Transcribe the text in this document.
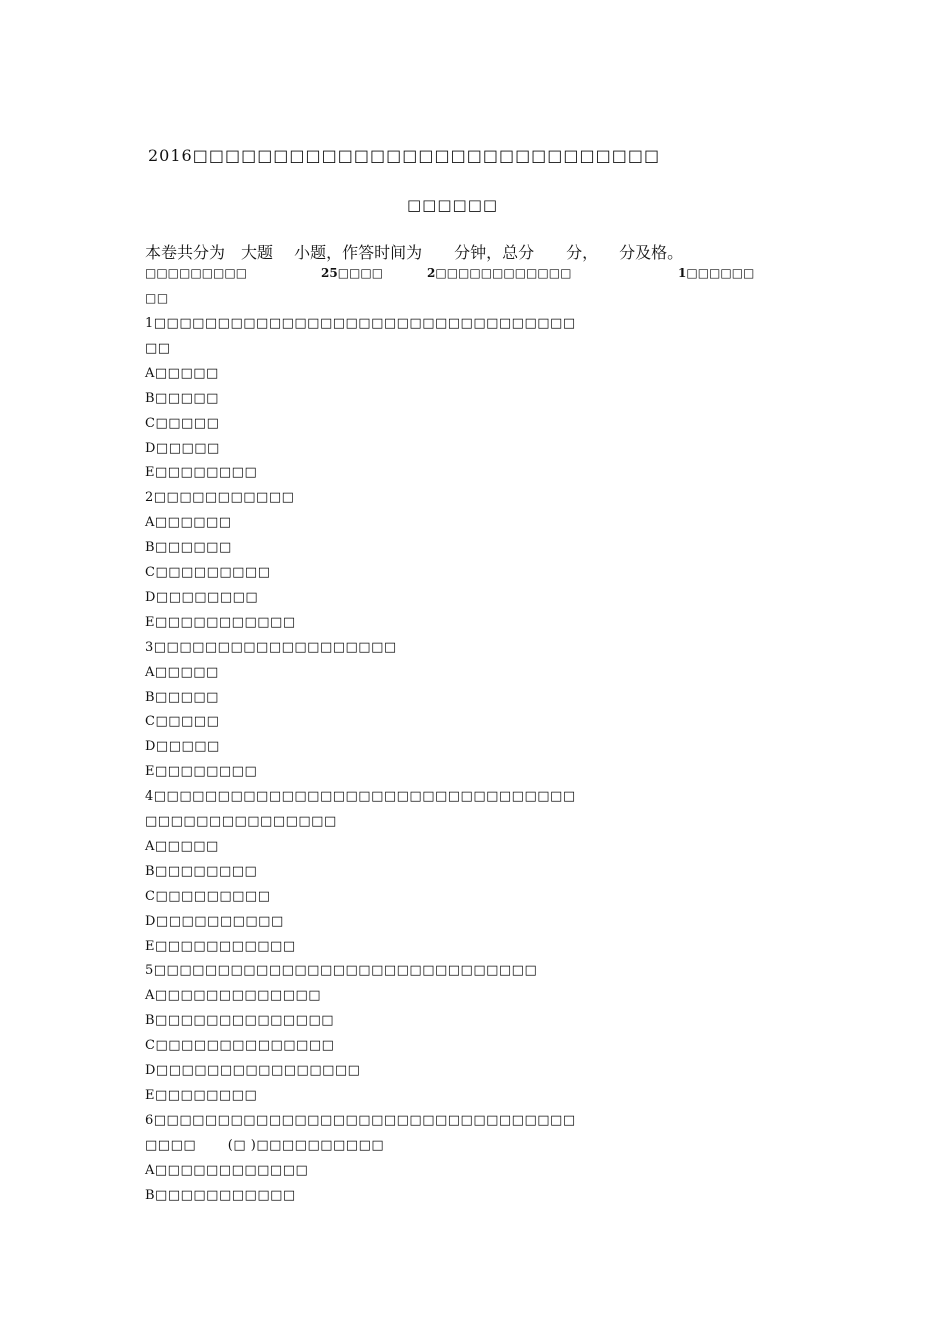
2016□□□□□□□□□□□□□□□□□□□□□□□□□□□□□
□□□□□□
本卷共分为 大题  小题，作答时间为  分钟，总分  分，  分及格。
□□□□□□□□□	25□□□□	2□□□□□□□□□□□□	1□□□□□□
□□
1□□□□□□□□□□□□□□□□□□□□□□□□□□□□□□□□□
□□
A□□□□□
B□□□□□
C□□□□□
D□□□□□
E□□□□□□□□
2□□□□□□□□□□□
A□□□□□□
B□□□□□□
C□□□□□□□□□
D□□□□□□□□
E□□□□□□□□□□□
3□□□□□□□□□□□□□□□□□□□
A□□□□□
B□□□□□
C□□□□□
D□□□□□
E□□□□□□□□
4□□□□□□□□□□□□□□□□□□□□□□□□□□□□□□□□□
□□□□□□□□□□□□□□□
A□□□□□
B□□□□□□□□
C□□□□□□□□□
D□□□□□□□□□□
E□□□□□□□□□□□
5□□□□□□□□□□□□□□□□□□□□□□□□□□□□□□
A□□□□□□□□□□□□□
B□□□□□□□□□□□□□□
C□□□□□□□□□□□□□□
D□□□□□□□□□□□□□□□□
E□□□□□□□□
6□□□□□□□□□□□□□□□□□□□□□□□□□□□□□□□□□
□□□□   (□ )□□□□□□□□□□
A□□□□□□□□□□□□
B□□□□□□□□□□□
